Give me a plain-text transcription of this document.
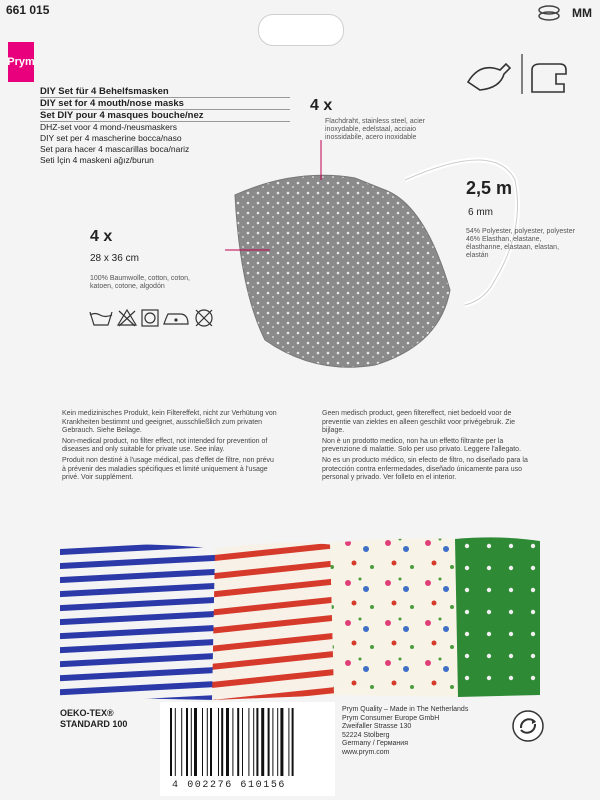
661 015	MM
Prym
DIY Set für 4 Behelfsmasken
DIY set for 4 mouth/nose masks
Set DIY pour 4 masques bouche/nez
DHZ-set voor 4 mond-/neusmaskers
DIY set per 4 mascherine bocca/naso
Set para hacer 4 mascarillas boca/nariz
Seti İçin 4 maskeni ağız/burun
4 x
Flachdraht, stainless steel, acier inoxydable, edelstaal, acciaio inossidabile, acero inoxidable
2,5 m
6 mm
54% Polyester, polyester, polyester 46% Elasthan, elastane, élasthanne, elastaan, elastan, elastán
4 x
28 x 36 cm
100% Baumwolle, cotton, coton, katoen, cotone, algodón

Kein medizinisches Produkt, kein Filtereffekt, nicht zur Verhütung von Krankheiten bestimmt und geeignet, ausschließlich zum privaten Gebrauch. Siehe Beilage.

Non-medical product, no filter effect, not intended for prevention of diseases and only suitable for private use. See inlay.

Produit non destiné à l'usage médical, pas d'effet de filtre, non prévu à prévenir des maladies spécifiques et limité uniquement à l'usage privé. Voir supplément.

Geen medisch product, geen filtereffect, niet bedoeld voor de preventie van ziektes en alleen geschikt voor privégebruik. Zie bijlage.

Non è un prodotto medico, non ha un effetto filtrante per la prevenzione di malattie. Solo per uso privato. Leggere l'allegato.

No es un producto médico, sin efecto de filtro, no diseñado para la protección contra enfermedades, diseñado únicamente para uso personal y privado. Ver folleto en el interior.

OEKO-TEX®
STANDARD 100
4 002276 610156
Prym Quality – Made in The Netherlands
Prym Consumer Europe GmbH
Zweifaller Strasse 130
52224 Stolberg
Germany / Германия
www.prym.com
